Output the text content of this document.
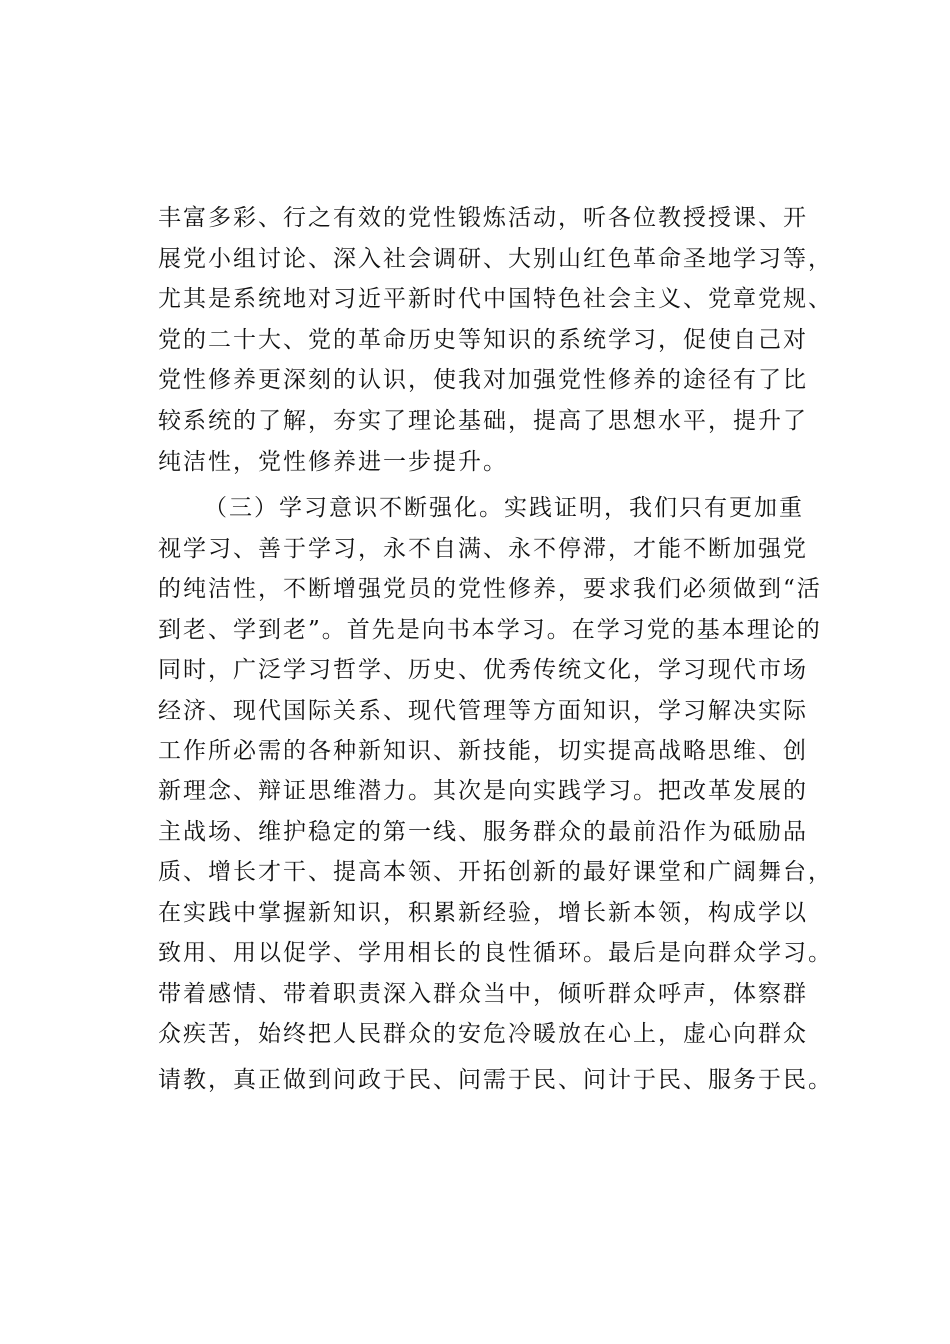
丰富多彩、行之有效的党性锻炼活动，听各位教授授课、开
展党小组讨论、深入社会调研、大别山红色革命圣地学习等，
尤其是系统地对习近平新时代中国特色社会主义、党章党规、
党的二十大、党的革命历史等知识的系统学习，促使自己对
党性修养更深刻的认识，使我对加强党性修养的途径有了比
较系统的了解，夯实了理论基础，提高了思想水平，提升了
纯洁性，党性修养进一步提升。
（三）学习意识不断强化。实践证明，我们只有更加重
视学习、善于学习，永不自满、永不停滞，才能不断加强党
的纯洁性，不断增强党员的党性修养，要求我们必须做到“活
到老、学到老”。首先是向书本学习。在学习党的基本理论的
同时，广泛学习哲学、历史、优秀传统文化，学习现代市场
经济、现代国际关系、现代管理等方面知识，学习解决实际
工作所必需的各种新知识、新技能，切实提高战略思维、创
新理念、辩证思维潜力。其次是向实践学习。把改革发展的
主战场、维护稳定的第一线、服务群众的最前沿作为砥励品
质、增长才干、提高本领、开拓创新的最好课堂和广阔舞台，
在实践中掌握新知识，积累新经验，增长新本领，构成学以
致用、用以促学、学用相长的良性循环。最后是向群众学习。
带着感情、带着职责深入群众当中，倾听群众呼声，体察群
众疾苦，始终把人民群众的安危冷暖放在心上，虚心向群众
请教，真正做到问政于民、问需于民、问计于民、服务于民。
